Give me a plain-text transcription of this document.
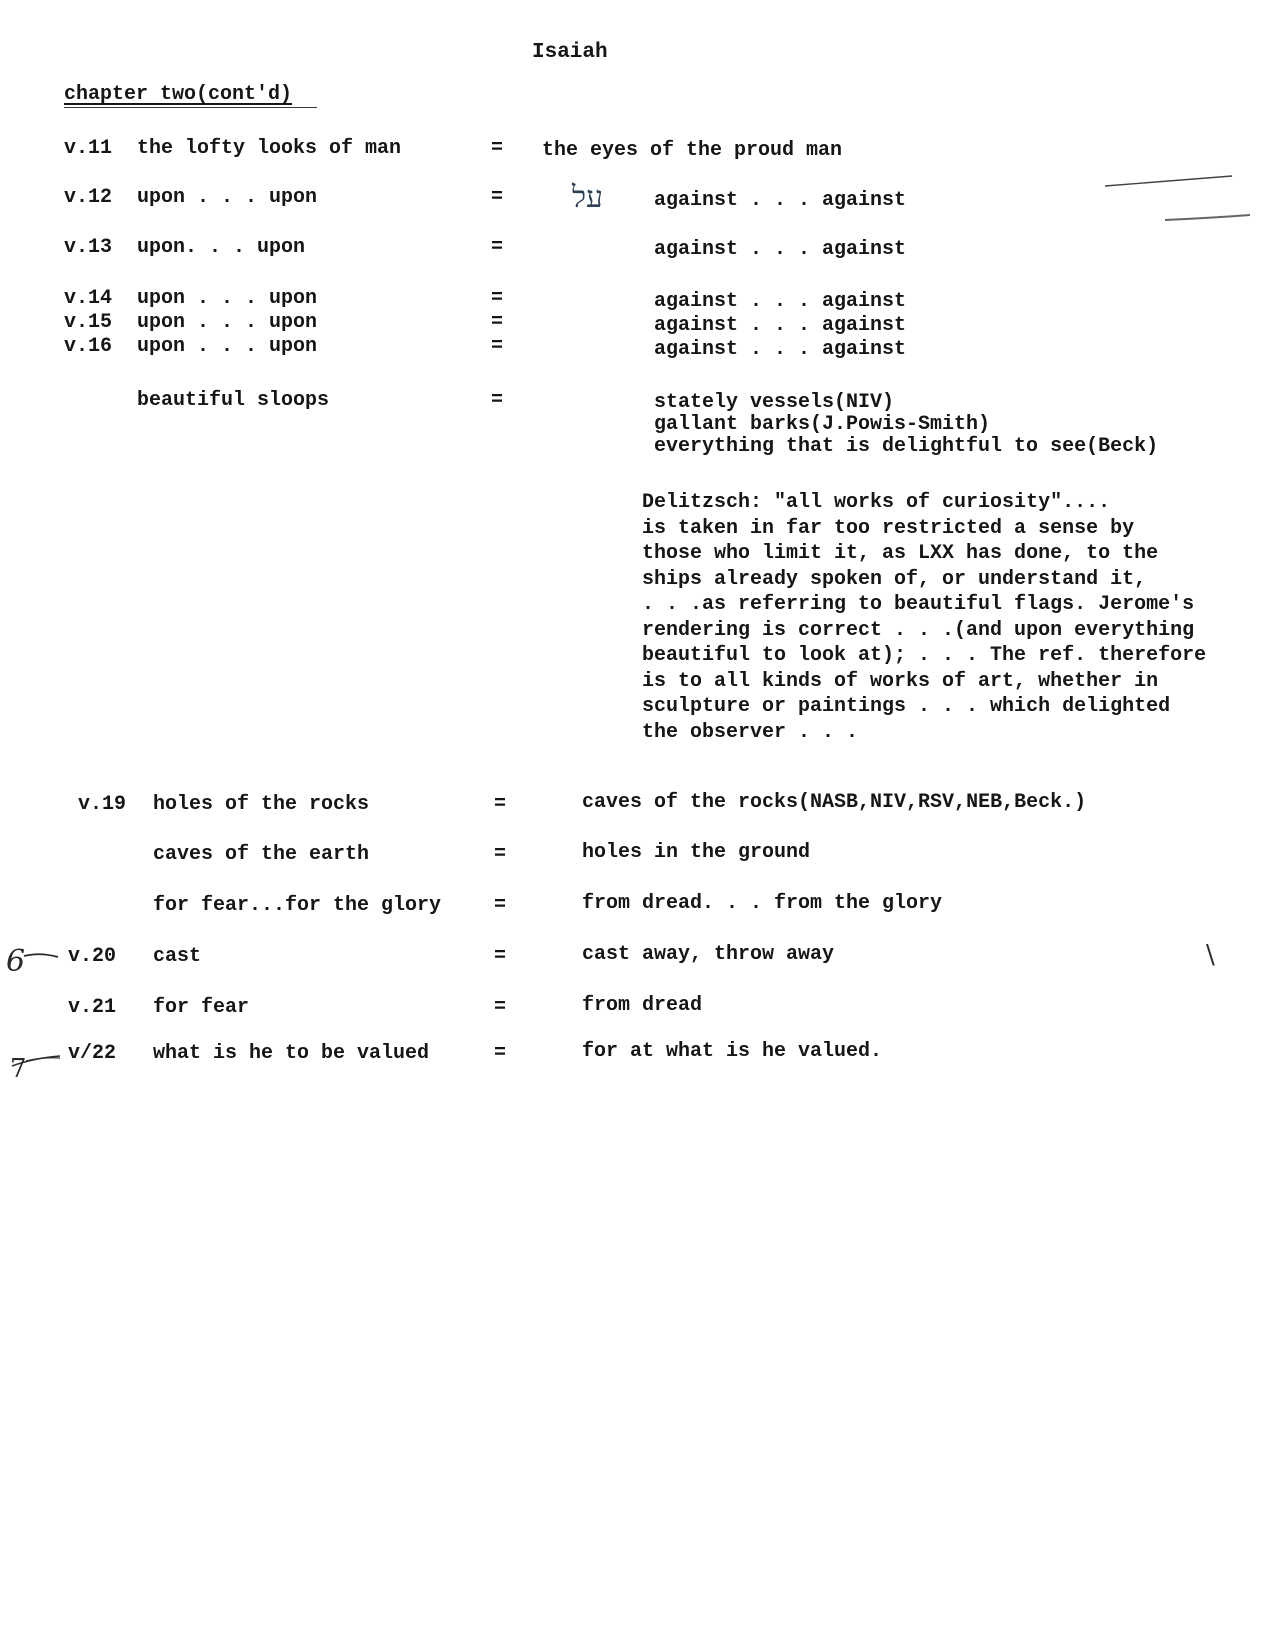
Isaiah
chapter two(cont'd)
v.11 the lofty looks of man	= the eyes of the proud man
v.12 upon . . . upon	=	against . . . against
v.13 upon. . . upon	=	against . . . against
v.14 upon . . . upon	=	against . . . against
v.15 upon . . . upon	=	against . . . against
v.16 upon . . . upon	=	against . . . against
beautiful sloops	=	stately vessels(NIV)
gallant barks(J.Powis-Smith)
everything that is delightful to see(Beck)
Delitzsch: "all works of curiosity"....
is taken in far too restricted a sense by
those who limit it, as LXX has done, to the
ships already spoken of, or understand it,
. . .as referring to beautiful flags. Jerome's
rendering is correct . . .(and upon everything
beautiful to look at); . . . The ref. therefore
is to all kinds of works of art, whether in
sculpture or paintings . . . which delighted
the observer . . .
v.19 holes of the rocks	=	caves of the rocks(NASB,NIV,RSV,NEB,Beck.)
caves of the earth	=	holes in the ground
for fear...for the glory	=	from dread. . . from the glory
v.20 cast	=	cast away, throw away
v.21 for fear	=	from dread
v/22 what is he to be valued	=	for at what is he valued.
על
6
7
\
